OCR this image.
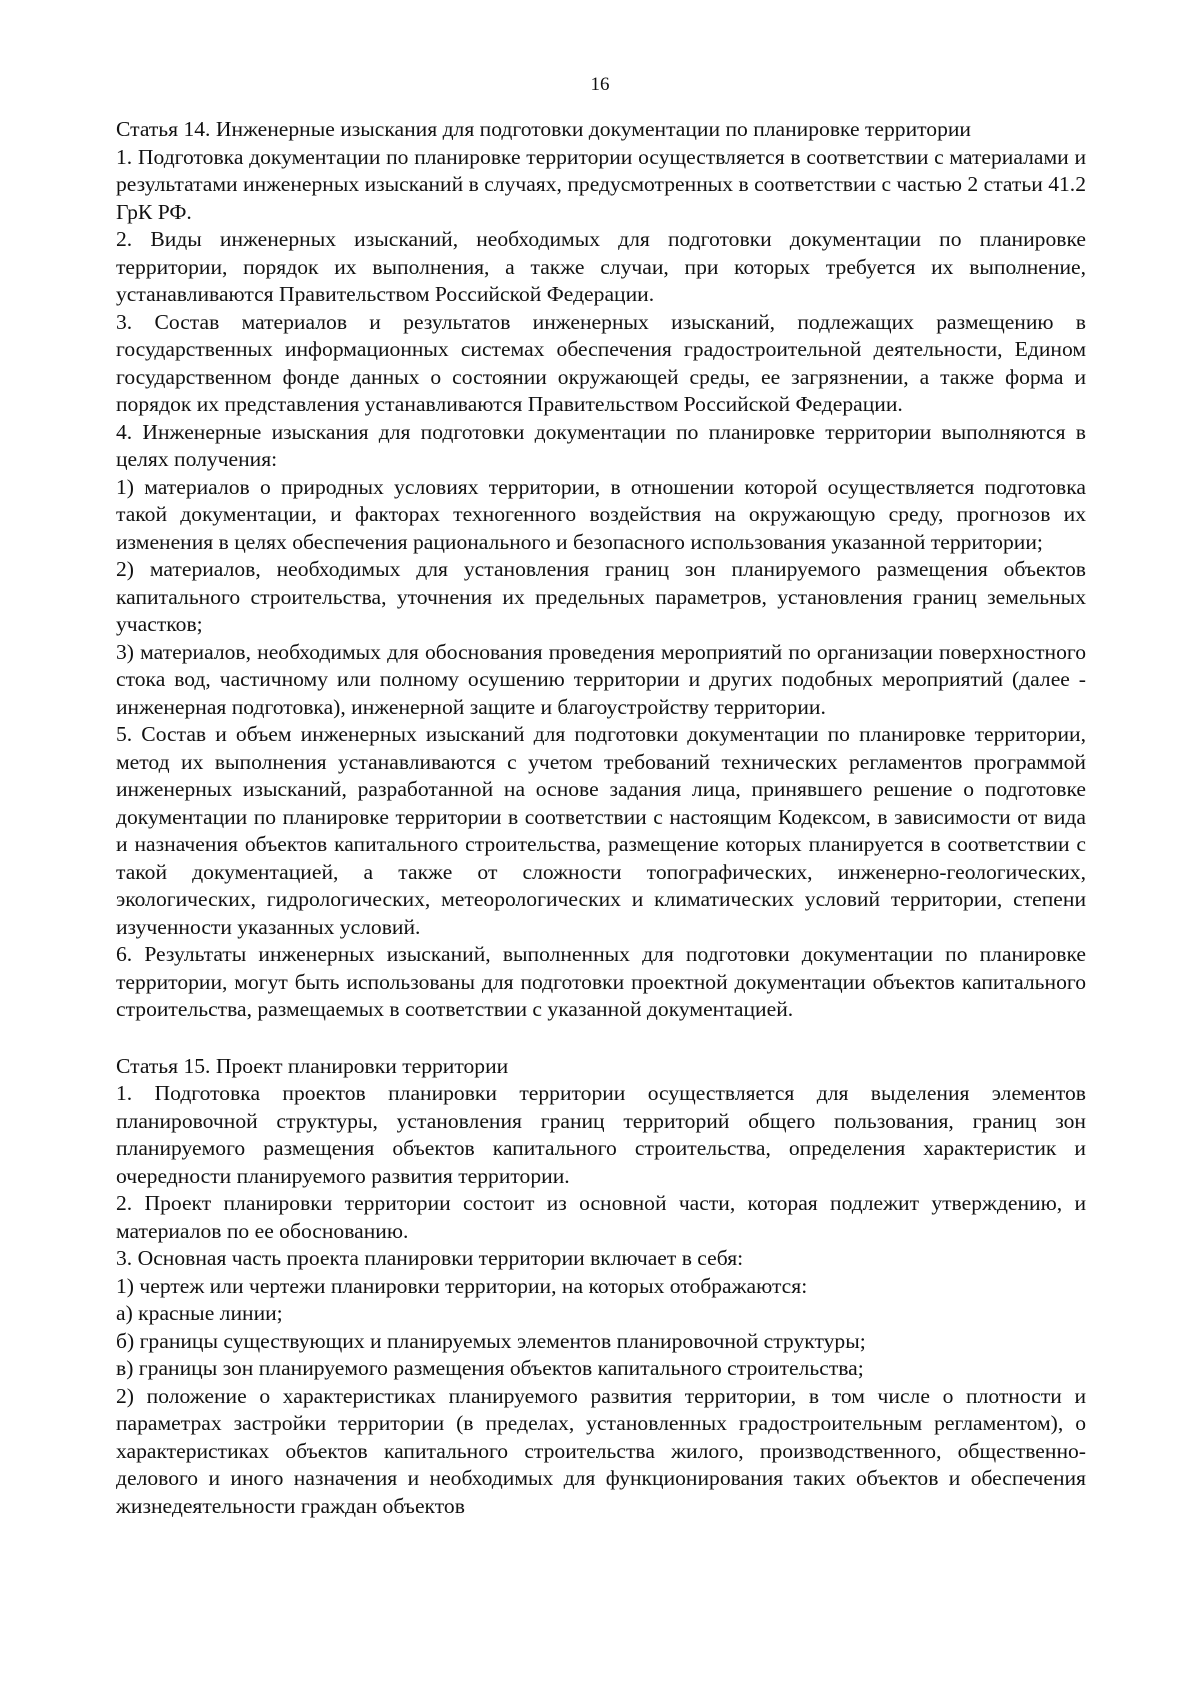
16

Статья 14. Инженерные изыскания для подготовки документации по планировке территории

1. Подготовка документации по планировке территории осуществляется в соответствии с материалами и результатами инженерных изысканий в случаях, предусмотренных в соответствии с частью 2 статьи 41.2 ГрК РФ.

2. Виды инженерных изысканий, необходимых для подготовки документации по планировке территории, порядок их выполнения, а также случаи, при которых требуется их выполнение, устанавливаются Правительством Российской Федерации.

3. Состав материалов и результатов инженерных изысканий, подлежащих размещению в государственных информационных системах обеспечения градостроительной деятельности, Едином государственном фонде данных о состоянии окружающей среды, ее загрязнении, а также форма и порядок их представления устанавливаются Правительством Российской Федерации.

4. Инженерные изыскания для подготовки документации по планировке территории выполняются в целях получения:

1) материалов о природных условиях территории, в отношении которой осуществляется подготовка такой документации, и факторах техногенного воздействия на окружающую среду, прогнозов их изменения в целях обеспечения рационального и безопасного использования указанной территории;

2) материалов, необходимых для установления границ зон планируемого размещения объектов капитального строительства, уточнения их предельных параметров, установления границ земельных участков;

3) материалов, необходимых для обоснования проведения мероприятий по организации поверхностного стока вод, частичному или полному осушению территории и других подобных мероприятий (далее - инженерная подготовка), инженерной защите и благоустройству территории.

5. Состав и объем инженерных изысканий для подготовки документации по планировке территории, метод их выполнения устанавливаются с учетом требований технических регламентов программой инженерных изысканий, разработанной на основе задания лица, принявшего решение о подготовке документации по планировке территории в соответствии с настоящим Кодексом, в зависимости от вида и назначения объектов капитального строительства, размещение которых планируется в соответствии с такой документацией, а также от сложности топографических, инженерно-геологических, экологических, гидрологических, метеорологических и климатических условий территории, степени изученности указанных условий.

6. Результаты инженерных изысканий, выполненных для подготовки документации по планировке территории, могут быть использованы для подготовки проектной документации объектов капитального строительства, размещаемых в соответствии с указанной документацией.

Статья 15. Проект планировки территории

1. Подготовка проектов планировки территории осуществляется для выделения элементов планировочной структуры, установления границ территорий общего пользования, границ зон планируемого размещения объектов капитального строительства, определения характеристик и очередности планируемого развития территории.

2. Проект планировки территории состоит из основной части, которая подлежит утверждению, и материалов по ее обоснованию.

3. Основная часть проекта планировки территории включает в себя:

1) чертеж или чертежи планировки территории, на которых отображаются:

а) красные линии;

б) границы существующих и планируемых элементов планировочной структуры;

в) границы зон планируемого размещения объектов капитального строительства;

2) положение о характеристиках планируемого развития территории, в том числе о плотности и параметрах застройки территории (в пределах, установленных градостроительным регламентом), о характеристиках объектов капитального строительства жилого, производственного, общественно-делового и иного назначения и необходимых для функционирования таких объектов и обеспечения жизнедеятельности граждан объектов
